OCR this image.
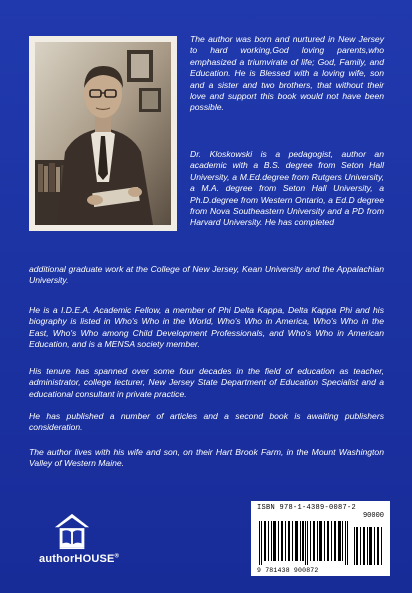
The author was born and nurtured in New Jersey to hard working,God loving parents,who emphasized a triumvirate of life; God, Family, and Education. He is Blessed with a loving wife, son and a sister and two brothers, that without their love and support this book would not have been possible.
Dr. Kloskowski is a pedagogist, author an academic with a B.S. degree from Seton Hall University, a M.Ed.degree from Rutgers University, a M.A. degree from Seton Hall University, a Ph.D.degree from Western Ontario, a Ed.D degree from Nova Southeastern University and a PD from Harvard University. He has completed
additional graduate work at the College of New Jersey, Kean University and the Appalachian University.
He is a I.D.E.A. Academic Fellow, a member of Phi Delta Kappa, Delta Kappa Phi and his biography is listed in Who's Who in the World, Who's Who in America, Who's Who in the East, Who's Who among Child Development Professionals, and Who's Who in American Education, and is a MENSA society member.
His tenure has spanned over some four decades in the field of education as teacher, administrator, college lecturer, New Jersey State Department of Education Specialist and a educational consultant in private practice.
He has published a number of articles and a second book is awaiting publishers consideration.
The author lives with his wife and son, on their Hart Brook Farm, in the Mount Washington Valley of Western Maine.
authorHOUSE®
ISBN 978-1-4389-0087-2
90000
9 781438 900872
